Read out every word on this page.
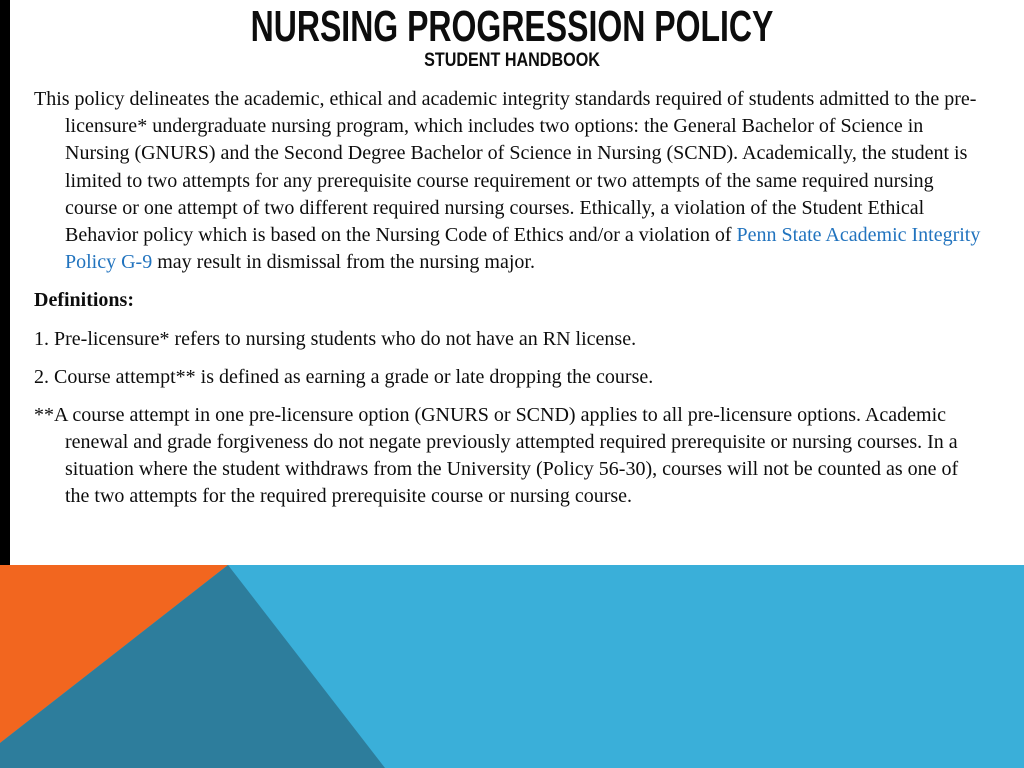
NURSING PROGRESSION POLICY
STUDENT HANDBOOK

This policy delineates the academic, ethical and academic integrity standards required of students admitted to the pre-licensure* undergraduate nursing program, which includes two options: the General Bachelor of Science in Nursing (GNURS) and the Second Degree Bachelor of Science in Nursing (SCND). Academically, the student is limited to two attempts for any prerequisite course requirement or two attempts of the same required nursing course or one attempt of two different required nursing courses. Ethically, a violation of the Student Ethical Behavior policy which is based on the Nursing Code of Ethics and/or a violation of Penn State Academic Integrity Policy G-9 may result in dismissal from the nursing major.

Definitions:

1. Pre-licensure* refers to nursing students who do not have an RN license.

2. Course attempt** is defined as earning a grade or late dropping the course.

**A course attempt in one pre-licensure option (GNURS or SCND) applies to all pre-licensure options. Academic renewal and grade forgiveness do not negate previously attempted required prerequisite or nursing courses. In a situation where the student withdraws from the University (Policy 56-30), courses will not be counted as one of the two attempts for the required prerequisite course or nursing course.
